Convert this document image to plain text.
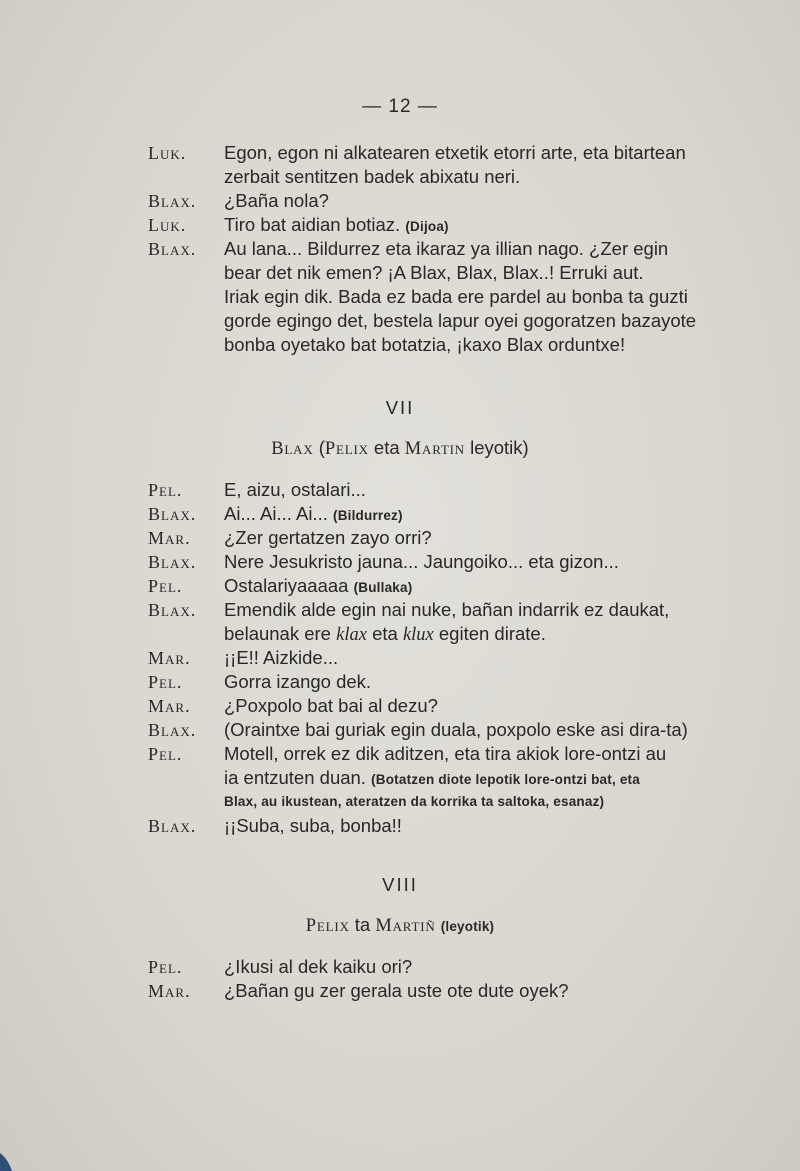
— 12 —
Luk. Egon, egon ni alkatearen etxetik etorri arte, eta bitartean
zerbait sentitzen badek abixatu neri.
Blax. ¿Baña nola?
Luk. Tiro bat aidian botiaz. (Dijoa)
Blax. Au lana... Bildurrez eta ikaraz ya illian nago. ¿Zer egin
bear det nik emen? ¡A Blax, Blax, Blax..! Erruki aut.
Iriak egin dik. Bada ez bada ere pardel au bonba ta guzti
gorde egingo det, bestela lapur oyei gogoratzen bazayote
bonba oyetako bat botatzia, ¡kaxo Blax orduntxe!
VII
Blax (Pelix eta Martin leyotik)
Pel. E, aizu, ostalari...
Blax. Ai... Ai... Ai... (Bildurrez)
Mar. ¿Zer gertatzen zayo orri?
Blax. Nere Jesukristo jauna... Jaungoiko... eta gizon...
Pel. Ostalariyaaaaa (Bullaka)
Blax. Emendik alde egin nai nuke, bañan indarrik ez daukat,
belaunak ere klax eta klux egiten dirate.
Mar. ¡¡E!! Aizkide...
Pel. Gorra izango dek.
Mar. ¿Poxpolo bat bai al dezu?
Blax. (Oraintxe bai guriak egin duala, poxpolo eske asi dira-ta)
Pel. Motell, orrek ez dik aditzen, eta tira akiok lore-ontzi au
ia entzuten duan. (Botatzen diote lepotik lore-ontzi bat, eta
Blax, au ikustean, ateratzen da korrika ta saltoka, esanaz)
Blax. ¡¡Suba, suba, bonba!!
VIII
Pelix ta Martiñ (leyotik)
Pel. ¿Ikusi al dek kaiku ori?
Mar. ¿Bañan gu zer gerala uste ote dute oyek?
